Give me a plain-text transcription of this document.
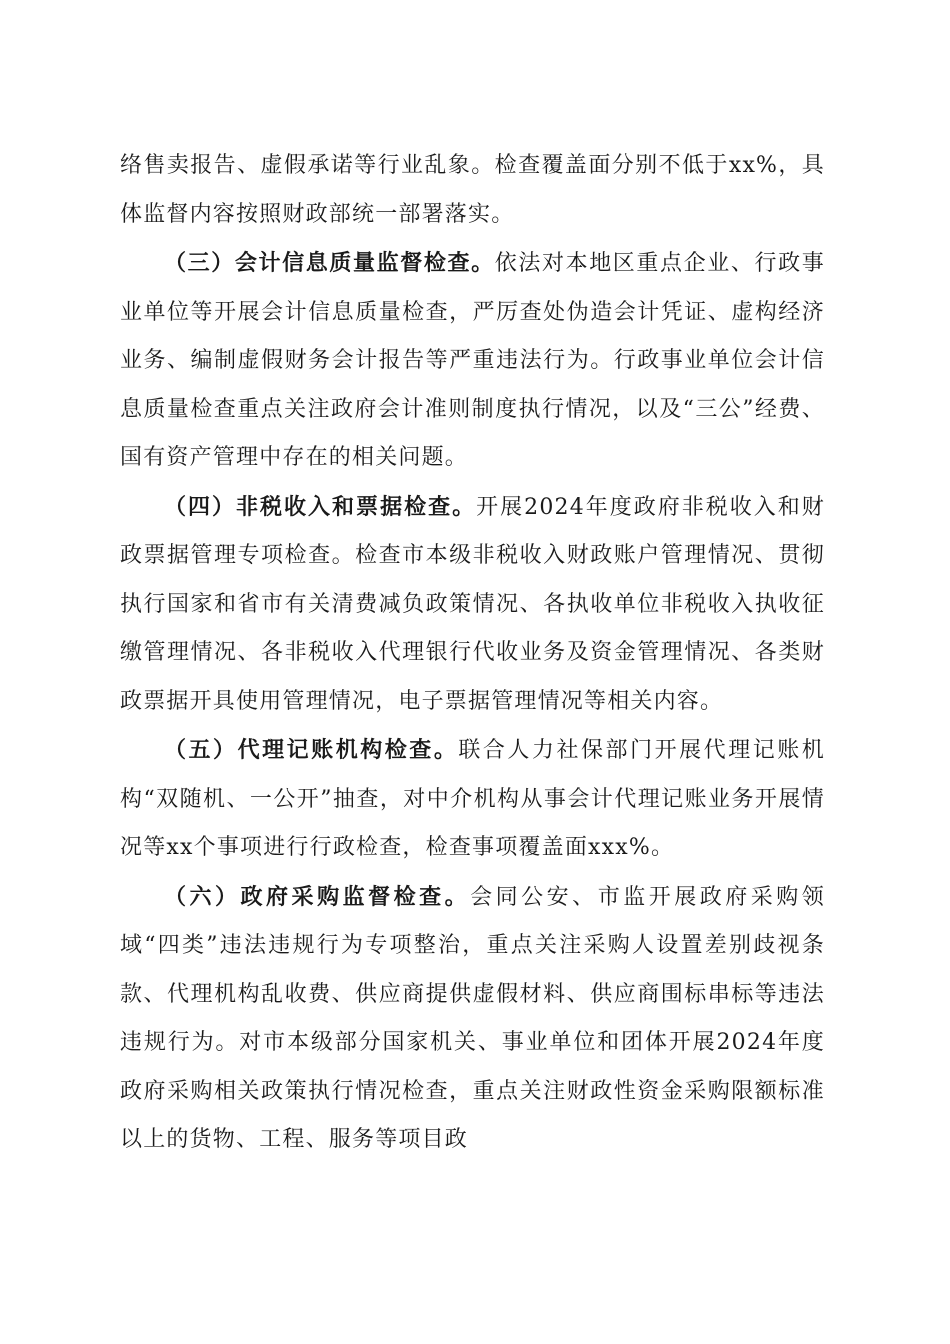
络售卖报告、虚假承诺等行业乱象。检查覆盖面分别不低于xx%，具体监督内容按照财政部统一部署落实。

（三）会计信息质量监督检查。依法对本地区重点企业、行政事业单位等开展会计信息质量检查，严厉查处伪造会计凭证、虚构经济业务、编制虚假财务会计报告等严重违法行为。行政事业单位会计信息质量检查重点关注政府会计准则制度执行情况，以及“三公”经费、国有资产管理中存在的相关问题。

（四）非税收入和票据检查。开展2024年度政府非税收入和财政票据管理专项检查。检查市本级非税收入财政账户管理情况、贯彻执行国家和省市有关清费减负政策情况、各执收单位非税收入执收征缴管理情况、各非税收入代理银行代收业务及资金管理情况、各类财政票据开具使用管理情况，电子票据管理情况等相关内容。

（五）代理记账机构检查。联合人力社保部门开展代理记账机构“双随机、一公开”抽查，对中介机构从事会计代理记账业务开展情况等xx个事项进行行政检查，检查事项覆盖面xxx%。

（六）政府采购监督检查。会同公安、市监开展政府采购领域“四类”违法违规行为专项整治，重点关注采购人设置差别歧视条款、代理机构乱收费、供应商提供虚假材料、供应商围标串标等违法违规行为。对市本级部分国家机关、事业单位和团体开展2024年度政府采购相关政策执行情况检查，重点关注财政性资金采购限额标准以上的货物、工程、服务等项目政
